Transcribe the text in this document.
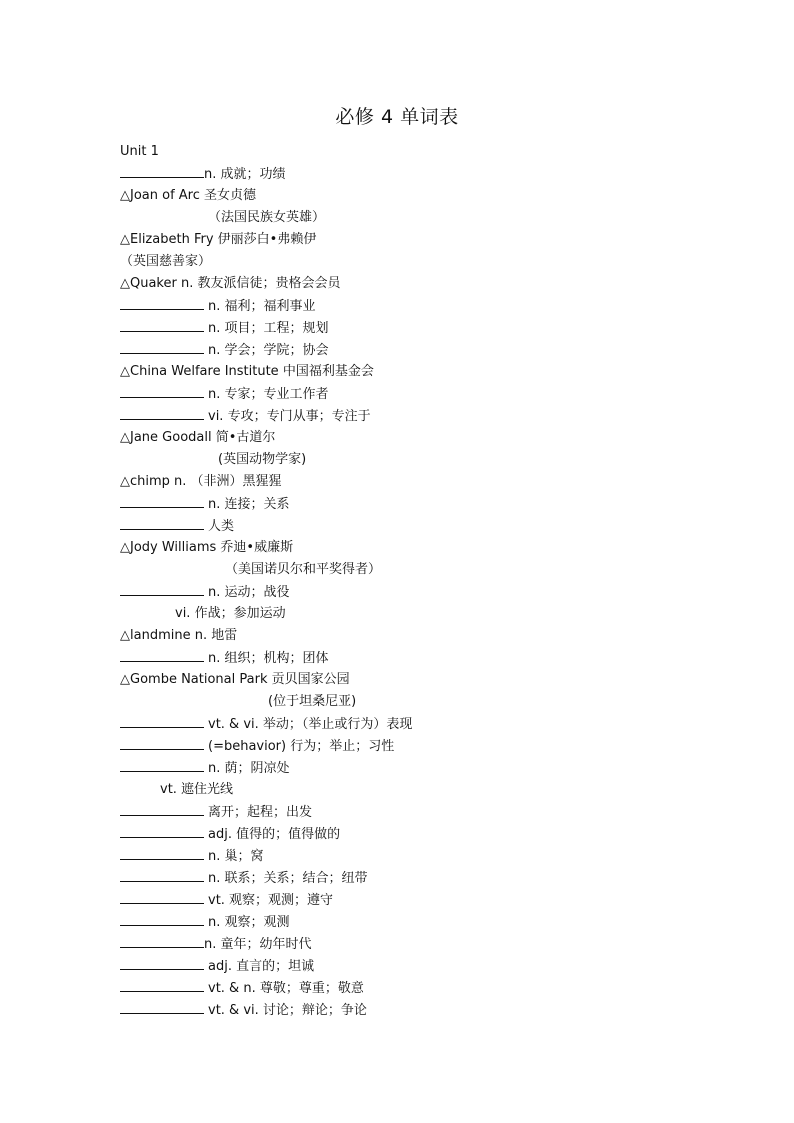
必修 4 单词表
Unit 1
n. 成就；功绩
△Joan of Arc 圣女贞德
（法国民族女英雄）
△Elizabeth Fry 伊丽莎白•弗赖伊
（英国慈善家）
△Quaker n. 教友派信徒；贵格会会员
n. 福利；福利事业
n. 项目；工程；规划
n. 学会；学院；协会
△China Welfare Institute 中国福利基金会
n. 专家；专业工作者
vi. 专攻；专门从事；专注于
△Jane Goodall 简•古道尔
(英国动物学家)
△chimp n. （非洲）黑猩猩
n. 连接；关系
人类
△Jody Williams 乔迪•威廉斯
（美国诺贝尔和平奖得者）
n. 运动；战役
vi. 作战；参加运动
△landmine n. 地雷
n. 组织；机构；团体
△Gombe National Park 贡贝国家公园
(位于坦桑尼亚)
vt. & vi. 举动；（举止或行为）表现
(=behavior) 行为；举止；习性
n. 荫；阴凉处
vt. 遮住光线
离开；起程；出发
adj. 值得的；值得做的
n. 巢；窝
n. 联系；关系；结合；纽带
vt. 观察；观测；遵守
n. 观察；观测
n. 童年；幼年时代
adj. 直言的；坦诚
vt. & n. 尊敬；尊重；敬意
vt. & vi. 讨论；辩论；争论
